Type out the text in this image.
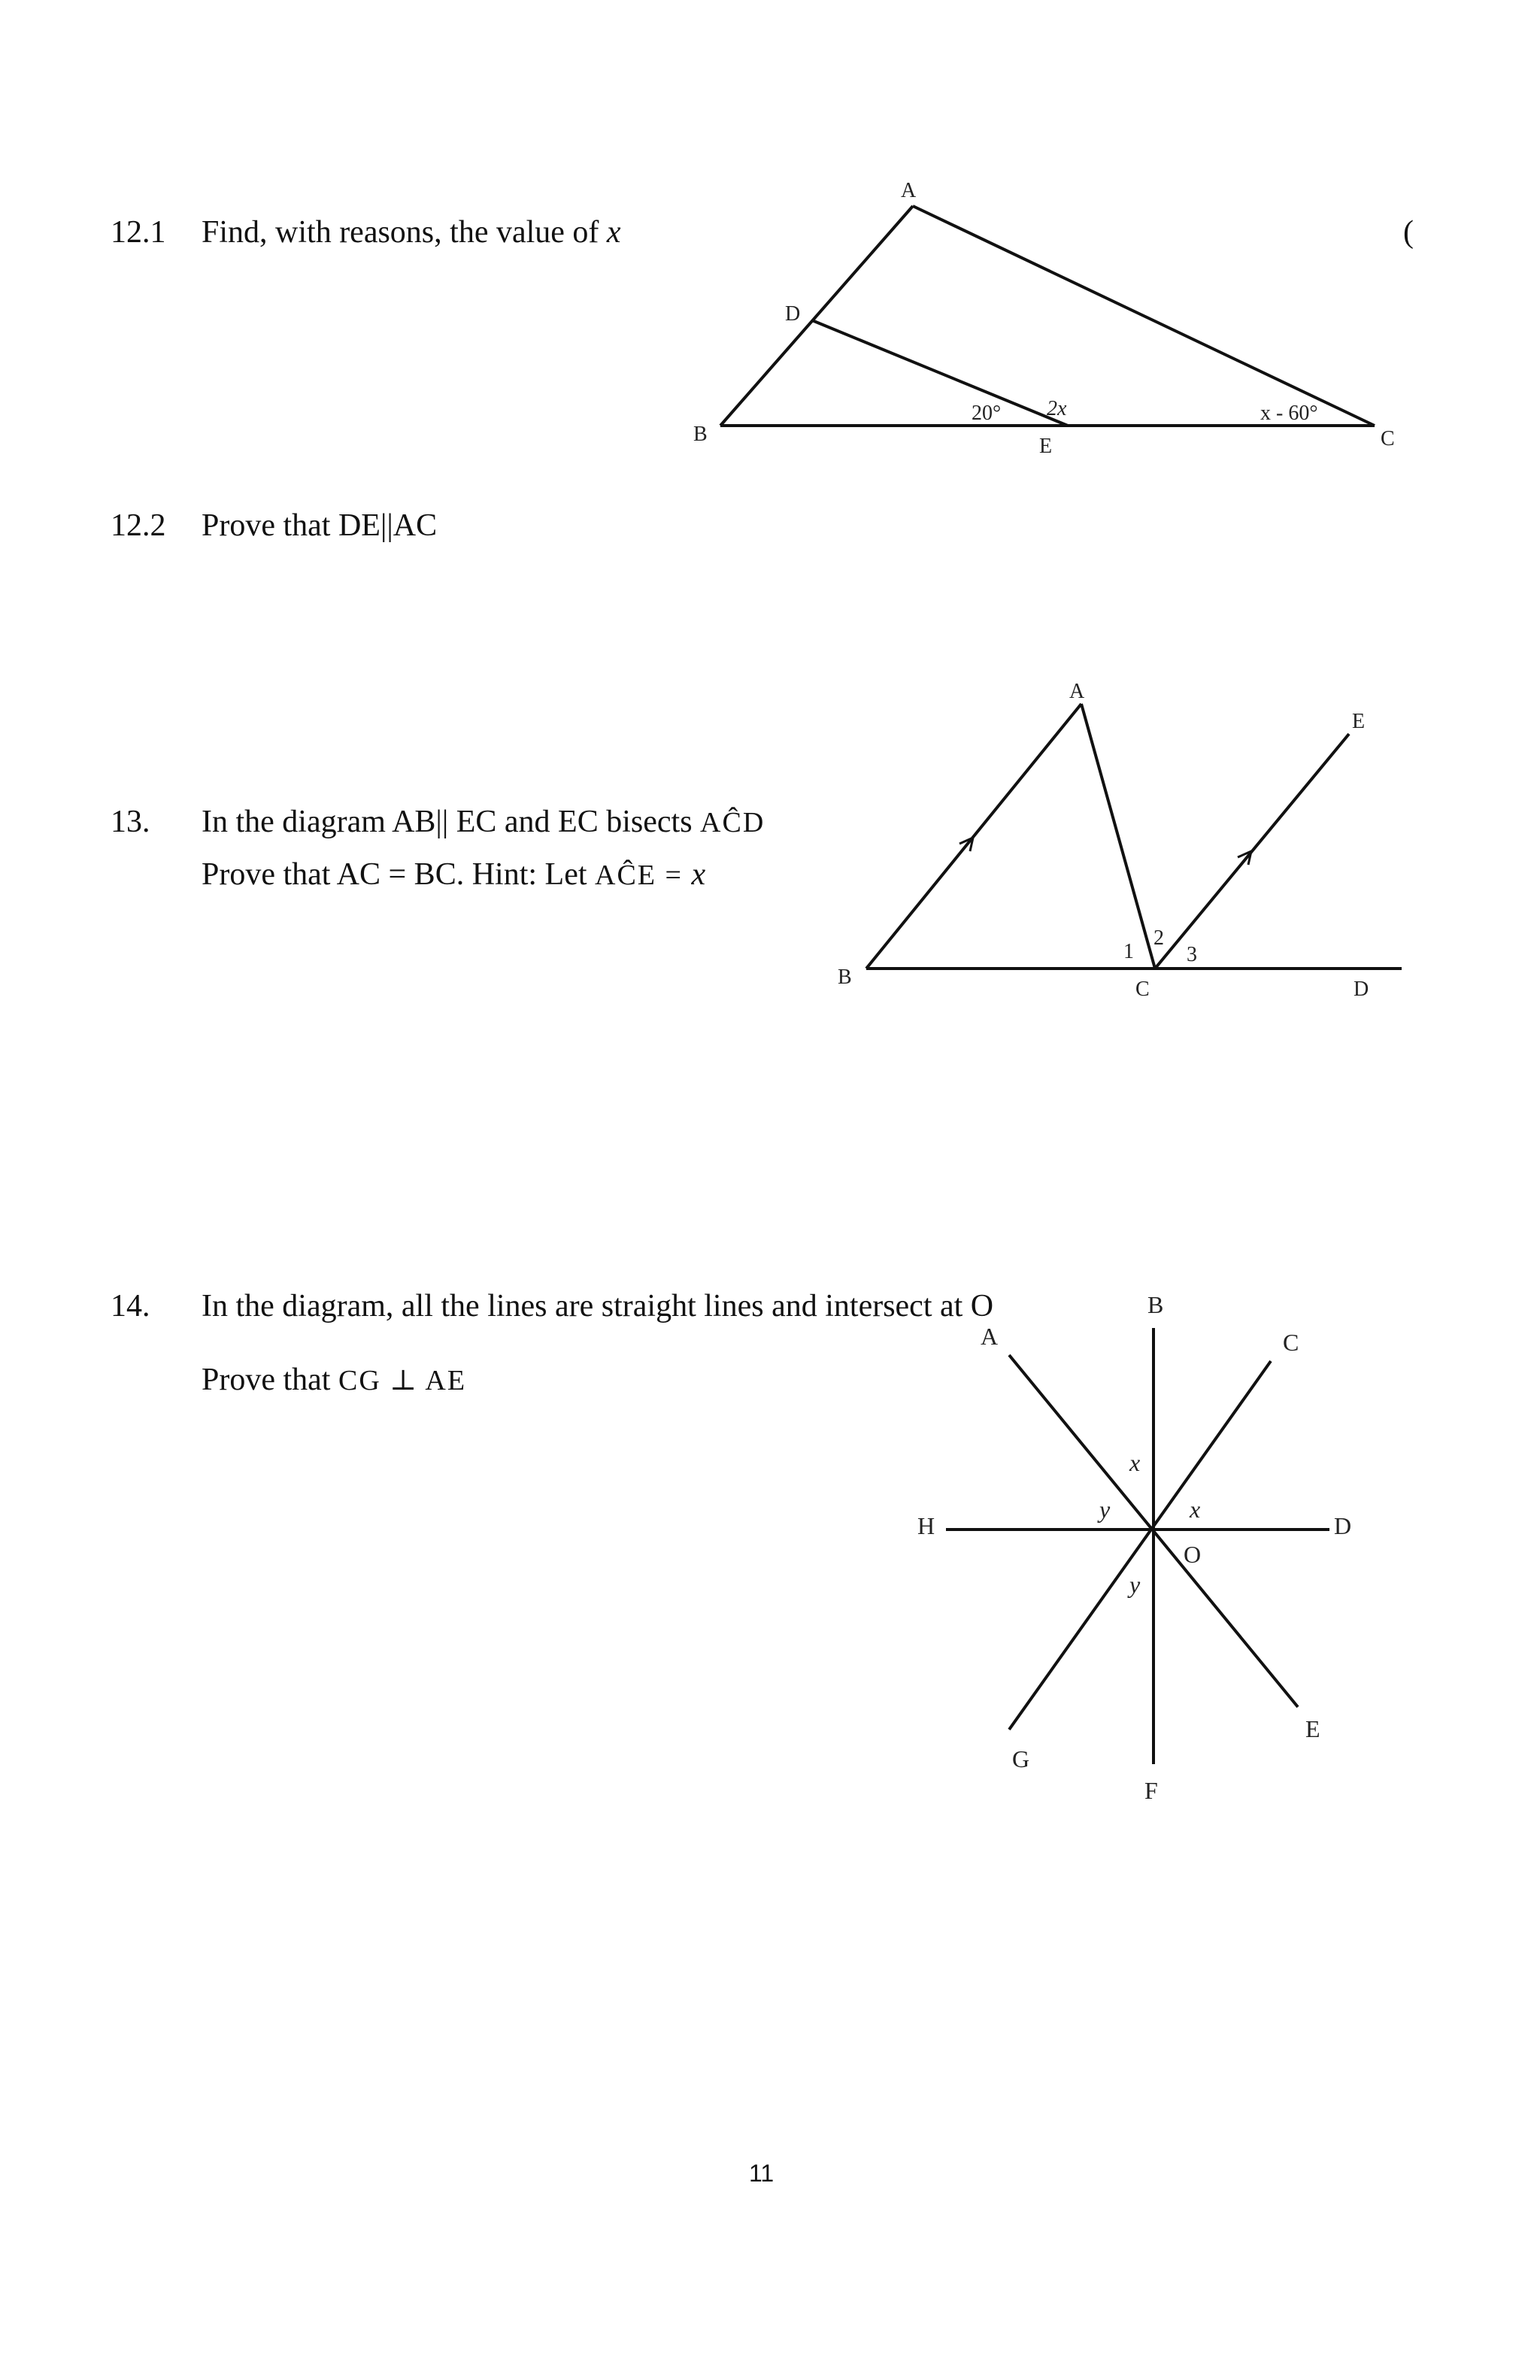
12.1 Find, with reasons, the value of x	(
12.2 Prove that DE||AC
13. In the diagram AB|| EC and EC bisects AĈD
Prove that AC = BC. Hint: Let AĈE = x
14. In the diagram, all the lines are straight lines and intersect at O
Prove that CG ⊥ AE
A
B	C
D
E
20° 2x	x - 60°
A
B
C	D
E
1
2
3
A
B
C
D
E
F
G
H
O
x
x
y
y
11
